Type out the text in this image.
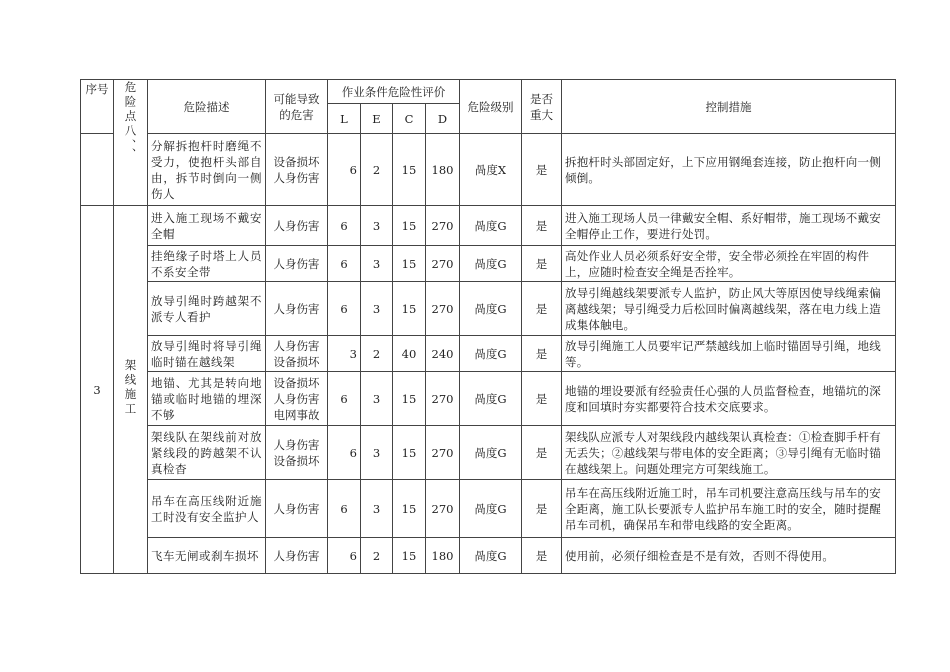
序号	危险点八、、	危险描述	可能导致的危害	作业条件危险性评价				危险级别	是否重大	控制措施
				L	E	C	D			
		分解拆抱杆时磨绳不受力，使抱杆头部自由，拆节时倒向一侧伤人	设备损坏人身伤害	6	2	15	180	咼度X	是	拆抱杆时头部固定好，上下应用钢绳套连接，防止抱杆向一侧倾倒。
3	架线施工	进入施工现场不戴安全帽	人身伤害	6	3	15	270	咼度G	是	进入施工现场人员一律戴安全帽、系好帽带，施工现场不戴安全帽停止工作，要进行处罚。
		挂绝缘子时塔上人员不系安全带	人身伤害	6	3	15	270	咼度G	是	高处作业人员必须系好安全带，安全带必须拴在牢固的构件上，应随时检查安全绳是否拴牢。
		放导引绳时跨越架不派专人看护	人身伤害	6	3	15	270	咼度G	是	放导引绳越线架要派专人监护，防止风大等原因使导线绳索偏离越线架；导引绳受力后松回时偏离越线架，落在电力线上造成集体触电。
		放导引绳时将导引绳临时锚在越线架	人身伤害设备损坏	3	2	40	240	咼度G	是	放导引绳施工人员要牢记严禁越线加上临时锚固导引绳，地线等。
		地锚、尤其是转向地锚或临时地锚的埋深不够	设备损坏人身伤害电网事故	6	3	15	270	咼度G	是	地锚的埋设要派有经验责任心强的人员监督检查，地锚坑的深度和回填时夯实都要符合技术交底要求。
		架线队在架线前对放紧线段的跨越架不认真检杳	人身伤害设备损坏	6	3	15	270	咼度G	是	架线队应派专人对架线段内越线架认真检查：①检查脚手杆有无丢失；②越线架与带电体的安全距离；③导引绳有无临时锚在越线架上。问题处理完方可架线施工。
		吊车在高压线附近施工时没有安全监护人	人身伤害	6	3	15	270	咼度G	是	吊车在高压线附近施工时，吊车司机要注意高压线与吊车的安全距离，施工队长要派专人监护吊车施工时的安全，随时提醒吊车司机，确保吊车和带电线路的安全距离。
		飞车无闸或刹车损坏	人身伤害	6	2	15	180	咼度G	是	使用前，必须仔细检查是不是有效，否则不得使用。
